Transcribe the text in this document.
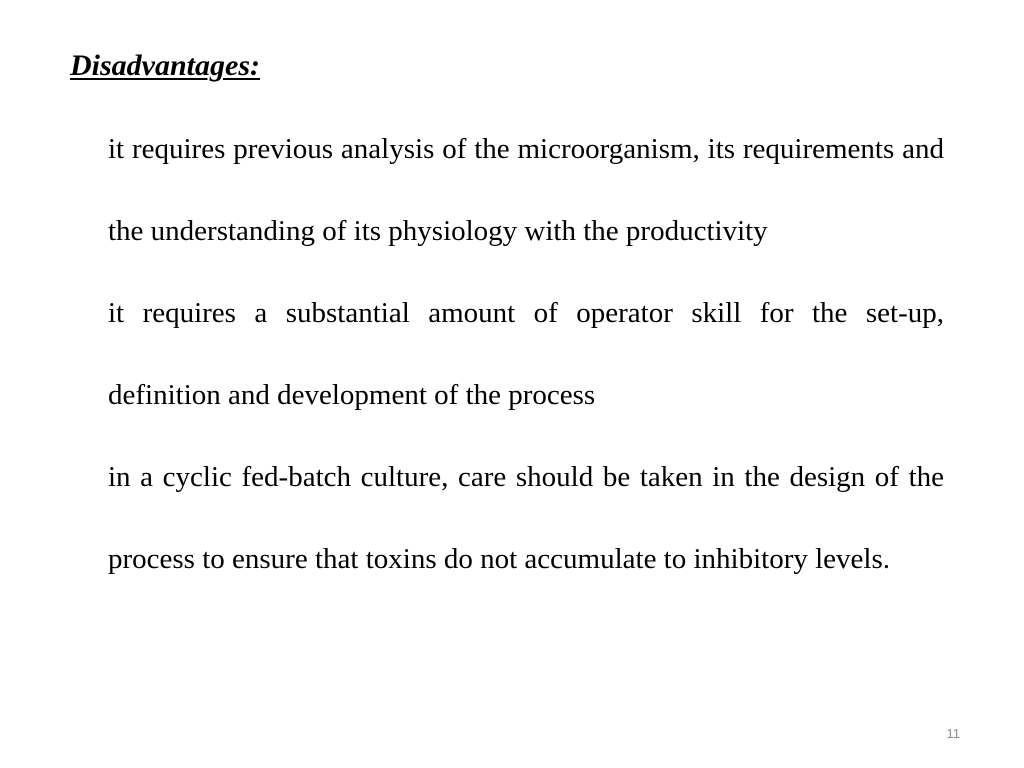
Disadvantages:

it requires previous analysis of the microorganism, its requirements and the understanding of its physiology with the productivity

it requires a substantial amount of operator skill for the set-up, definition and development of the process

in a cyclic fed-batch culture, care should be taken in the design of the process to ensure that toxins do not accumulate to inhibitory levels.

11
